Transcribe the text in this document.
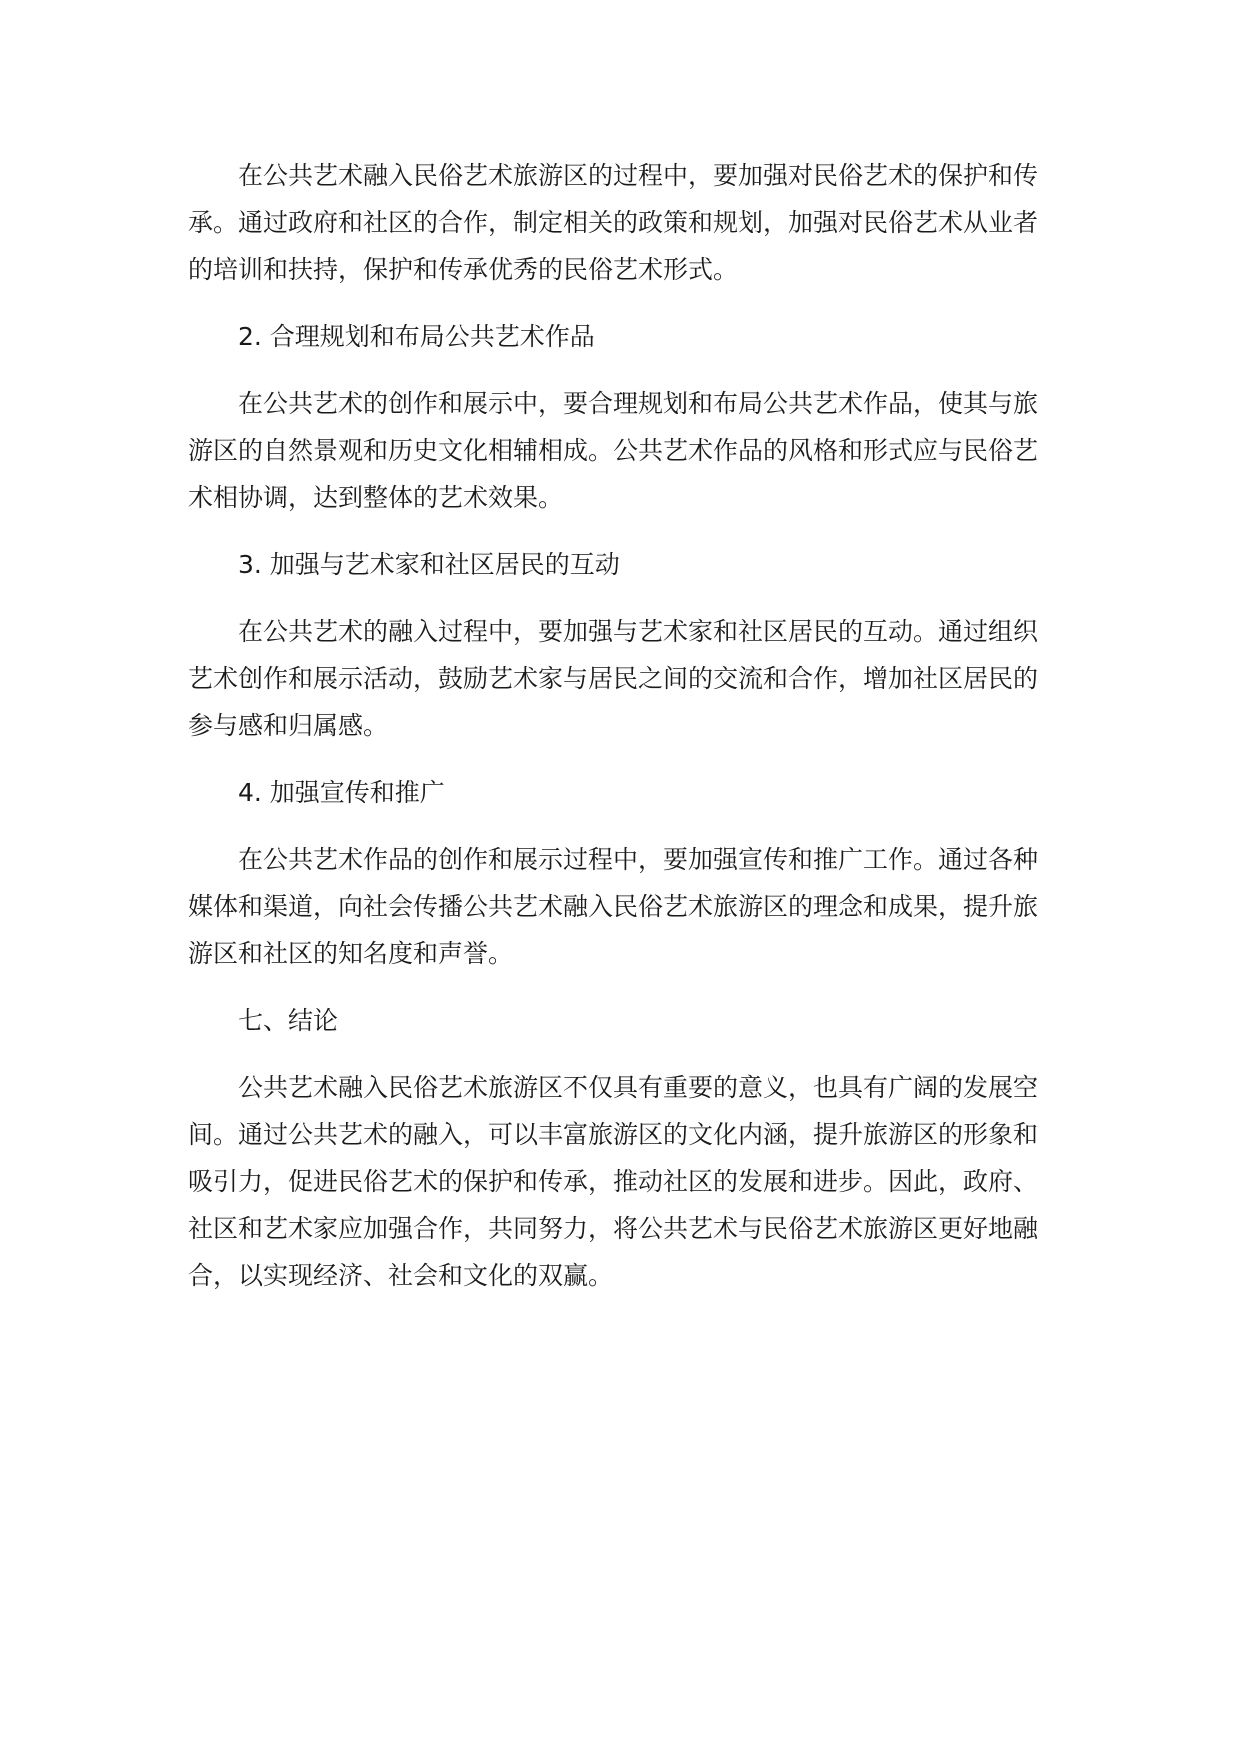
在公共艺术融入民俗艺术旅游区的过程中，要加强对民俗艺术的保护和传承。通过政府和社区的合作，制定相关的政策和规划，加强对民俗艺术从业者的培训和扶持，保护和传承优秀的民俗艺术形式。

2. 合理规划和布局公共艺术作品

在公共艺术的创作和展示中，要合理规划和布局公共艺术作品，使其与旅游区的自然景观和历史文化相辅相成。公共艺术作品的风格和形式应与民俗艺术相协调，达到整体的艺术效果。

3. 加强与艺术家和社区居民的互动

在公共艺术的融入过程中，要加强与艺术家和社区居民的互动。通过组织艺术创作和展示活动，鼓励艺术家与居民之间的交流和合作，增加社区居民的参与感和归属感。

4. 加强宣传和推广

在公共艺术作品的创作和展示过程中，要加强宣传和推广工作。通过各种媒体和渠道，向社会传播公共艺术融入民俗艺术旅游区的理念和成果，提升旅游区和社区的知名度和声誉。

七、结论

公共艺术融入民俗艺术旅游区不仅具有重要的意义，也具有广阔的发展空间。通过公共艺术的融入，可以丰富旅游区的文化内涵，提升旅游区的形象和吸引力，促进民俗艺术的保护和传承，推动社区的发展和进步。因此，政府、社区和艺术家应加强合作，共同努力，将公共艺术与民俗艺术旅游区更好地融合，以实现经济、社会和文化的双赢。
